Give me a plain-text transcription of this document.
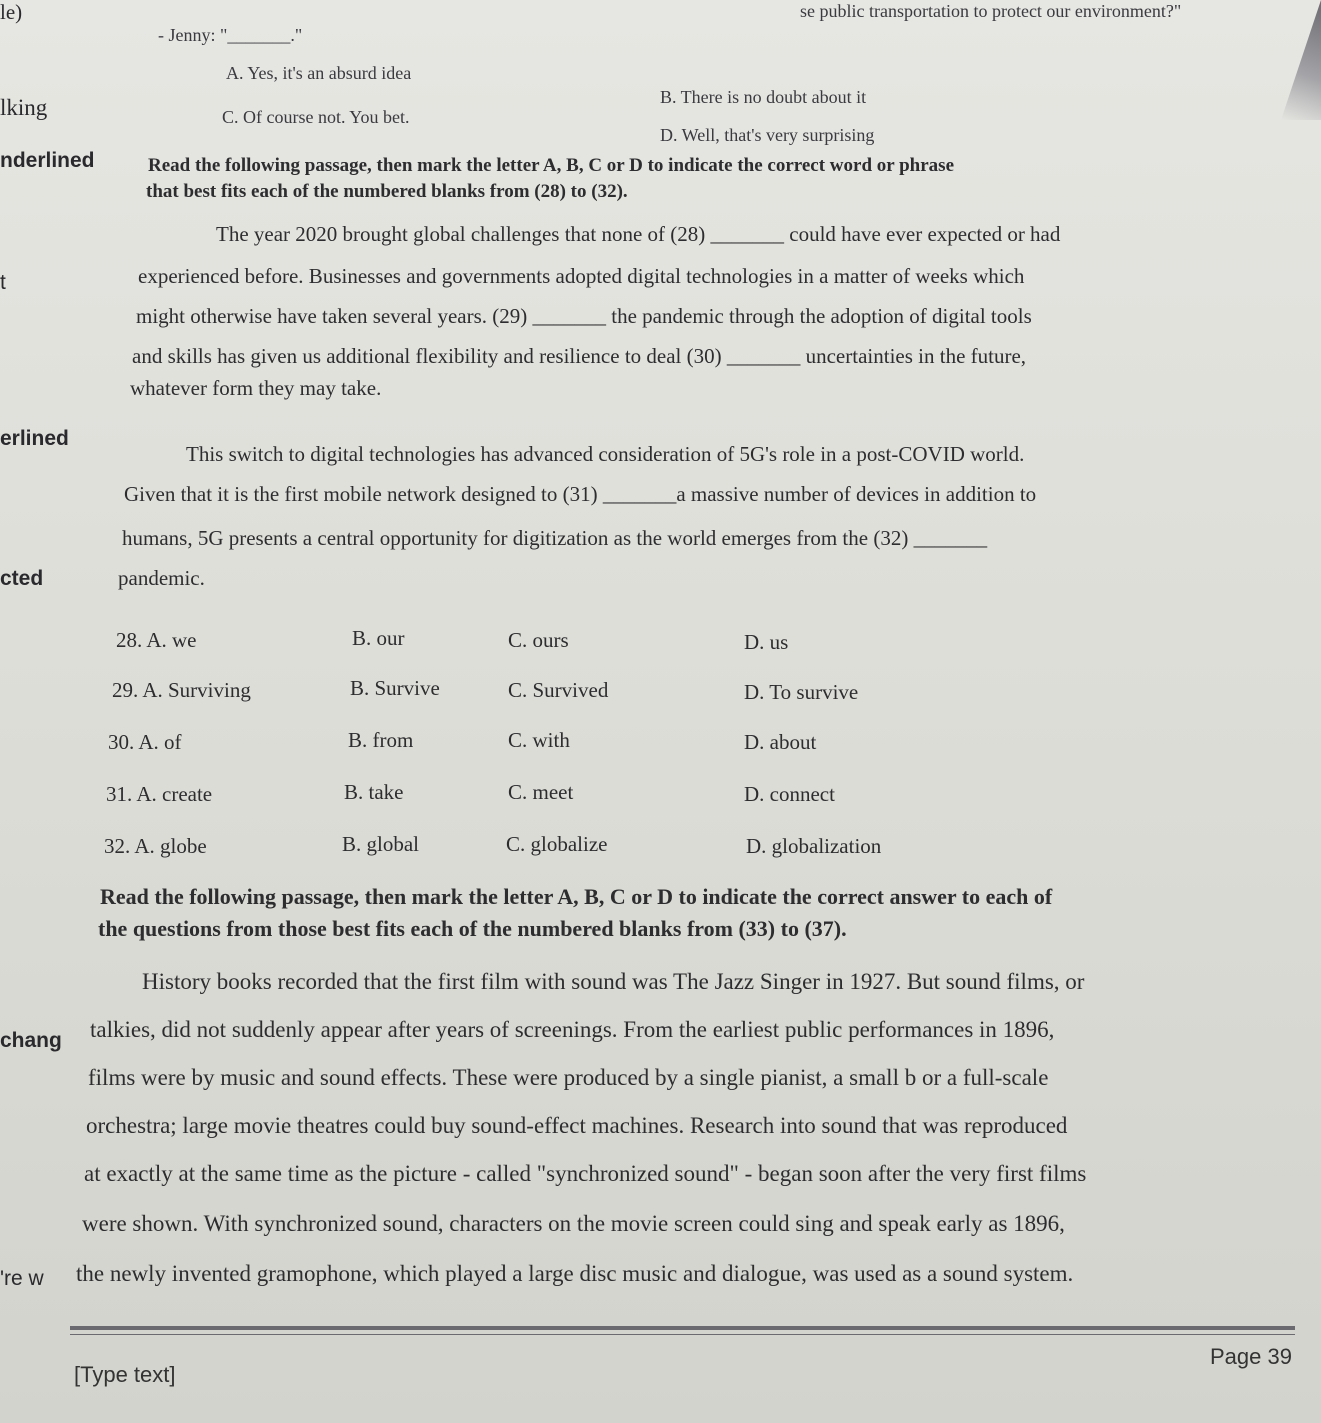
le)
lking
nderlined
t
erlined
cted
chang
're w
se public transportation to protect our environment?"
- Jenny: "_______."
A. Yes, it's an absurd idea
B. There is no doubt about it
C. Of course not. You bet.
D. Well, that's very surprising
Read the following passage, then mark the letter A, B, C or D to indicate the correct word or phrase
that best fits each of the numbered blanks from (28) to (32).
The year 2020 brought global challenges that none of (28) _______ could have ever expected or had
experienced before. Businesses and governments adopted digital technologies in a matter of weeks which
might otherwise have taken several years. (29) _______ the pandemic through the adoption of digital tools
and skills has given us additional flexibility and resilience to deal (30) _______ uncertainties in the future,
whatever form they may take.
This switch to digital technologies has advanced consideration of 5G's role in a post-COVID world.
Given that it is the first mobile network designed to (31) _______a massive number of devices in addition to
humans, 5G presents a central opportunity for digitization as the world emerges from the (32) _______
pandemic.
28. A. we	B. our	C. ours	D. us
29. A. Surviving	B. Survive	C. Survived	D. To survive
30. A. of	B. from	C. with	D. about
31. A. create	B. take	C. meet	D. connect
32. A. globe	B. global	C. globalize	D. globalization
Read the following passage, then mark the letter A, B, C or D to indicate the correct answer to each of
the questions from those best fits each of the numbered blanks from (33) to (37).
History books recorded that the first film with sound was The Jazz Singer in 1927. But sound films, or
talkies, did not suddenly appear after years of screenings. From the earliest public performances in 1896,
films were by music and sound effects. These were produced by a single pianist, a small b or a full-scale
orchestra; large movie theatres could buy sound-effect machines. Research into sound that was reproduced
at exactly at the same time as the picture - called "synchronized sound" - began soon after the very first films
were shown. With synchronized sound, characters on the movie screen could sing and speak early as 1896,
the newly invented gramophone, which played a large disc music and dialogue, was used as a sound system.
[Type text]
Page 39
